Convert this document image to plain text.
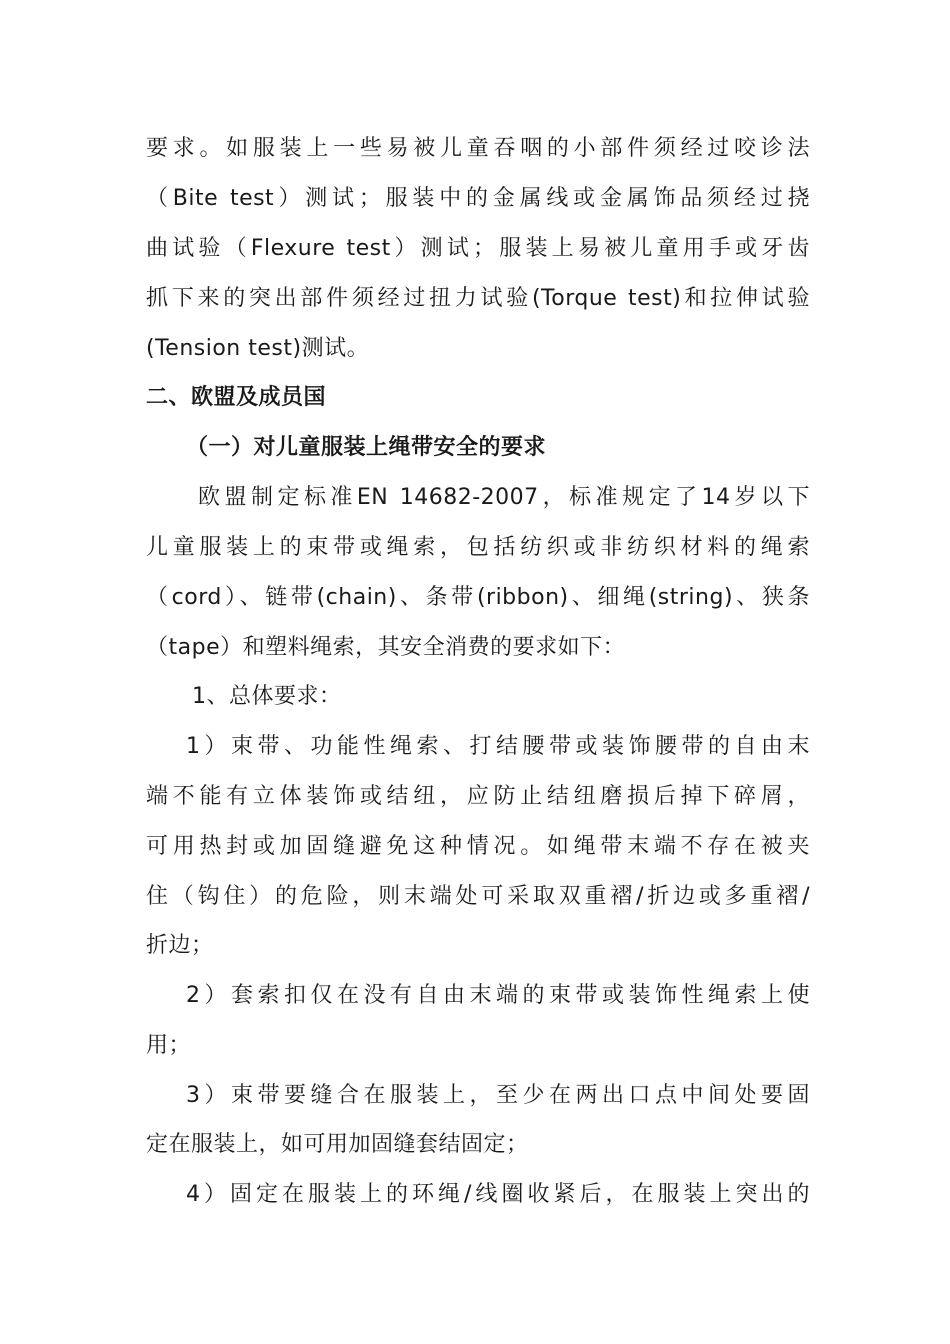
要求。如服装上一些易被儿童吞咽的小部件须经过咬诊法
（Bite test）测试；服装中的金属线或金属饰品须经过挠
曲试验（Flexure test）测试；服装上易被儿童用手或牙齿
抓下来的突出部件须经过扭力试验(Torque test)和拉伸试验
(Tension test)测试。
二、欧盟及成员国
（一）对儿童服装上绳带安全的要求
欧盟制定标准EN 14682-2007，标准规定了14岁以下
儿童服装上的束带或绳索，包括纺织或非纺织材料的绳索
（cord）、链带(chain)、条带(ribbon)、细绳(string)、狭条
（tape）和塑料绳索，其安全消费的要求如下：
1、总体要求：
1）束带、功能性绳索、打结腰带或装饰腰带的自由末
端不能有立体装饰或结纽，应防止结纽磨损后掉下碎屑，
可用热封或加固缝避免这种情况。如绳带末端不存在被夹
住（钩住）的危险，则末端处可采取双重褶/折边或多重褶/
折边；
2）套索扣仅在没有自由末端的束带或装饰性绳索上使
用；
3）束带要缝合在服装上，至少在两出口点中间处要固
定在服装上，如可用加固缝套结固定；
4）固定在服装上的环绳/线圈收紧后，在服装上突出的
